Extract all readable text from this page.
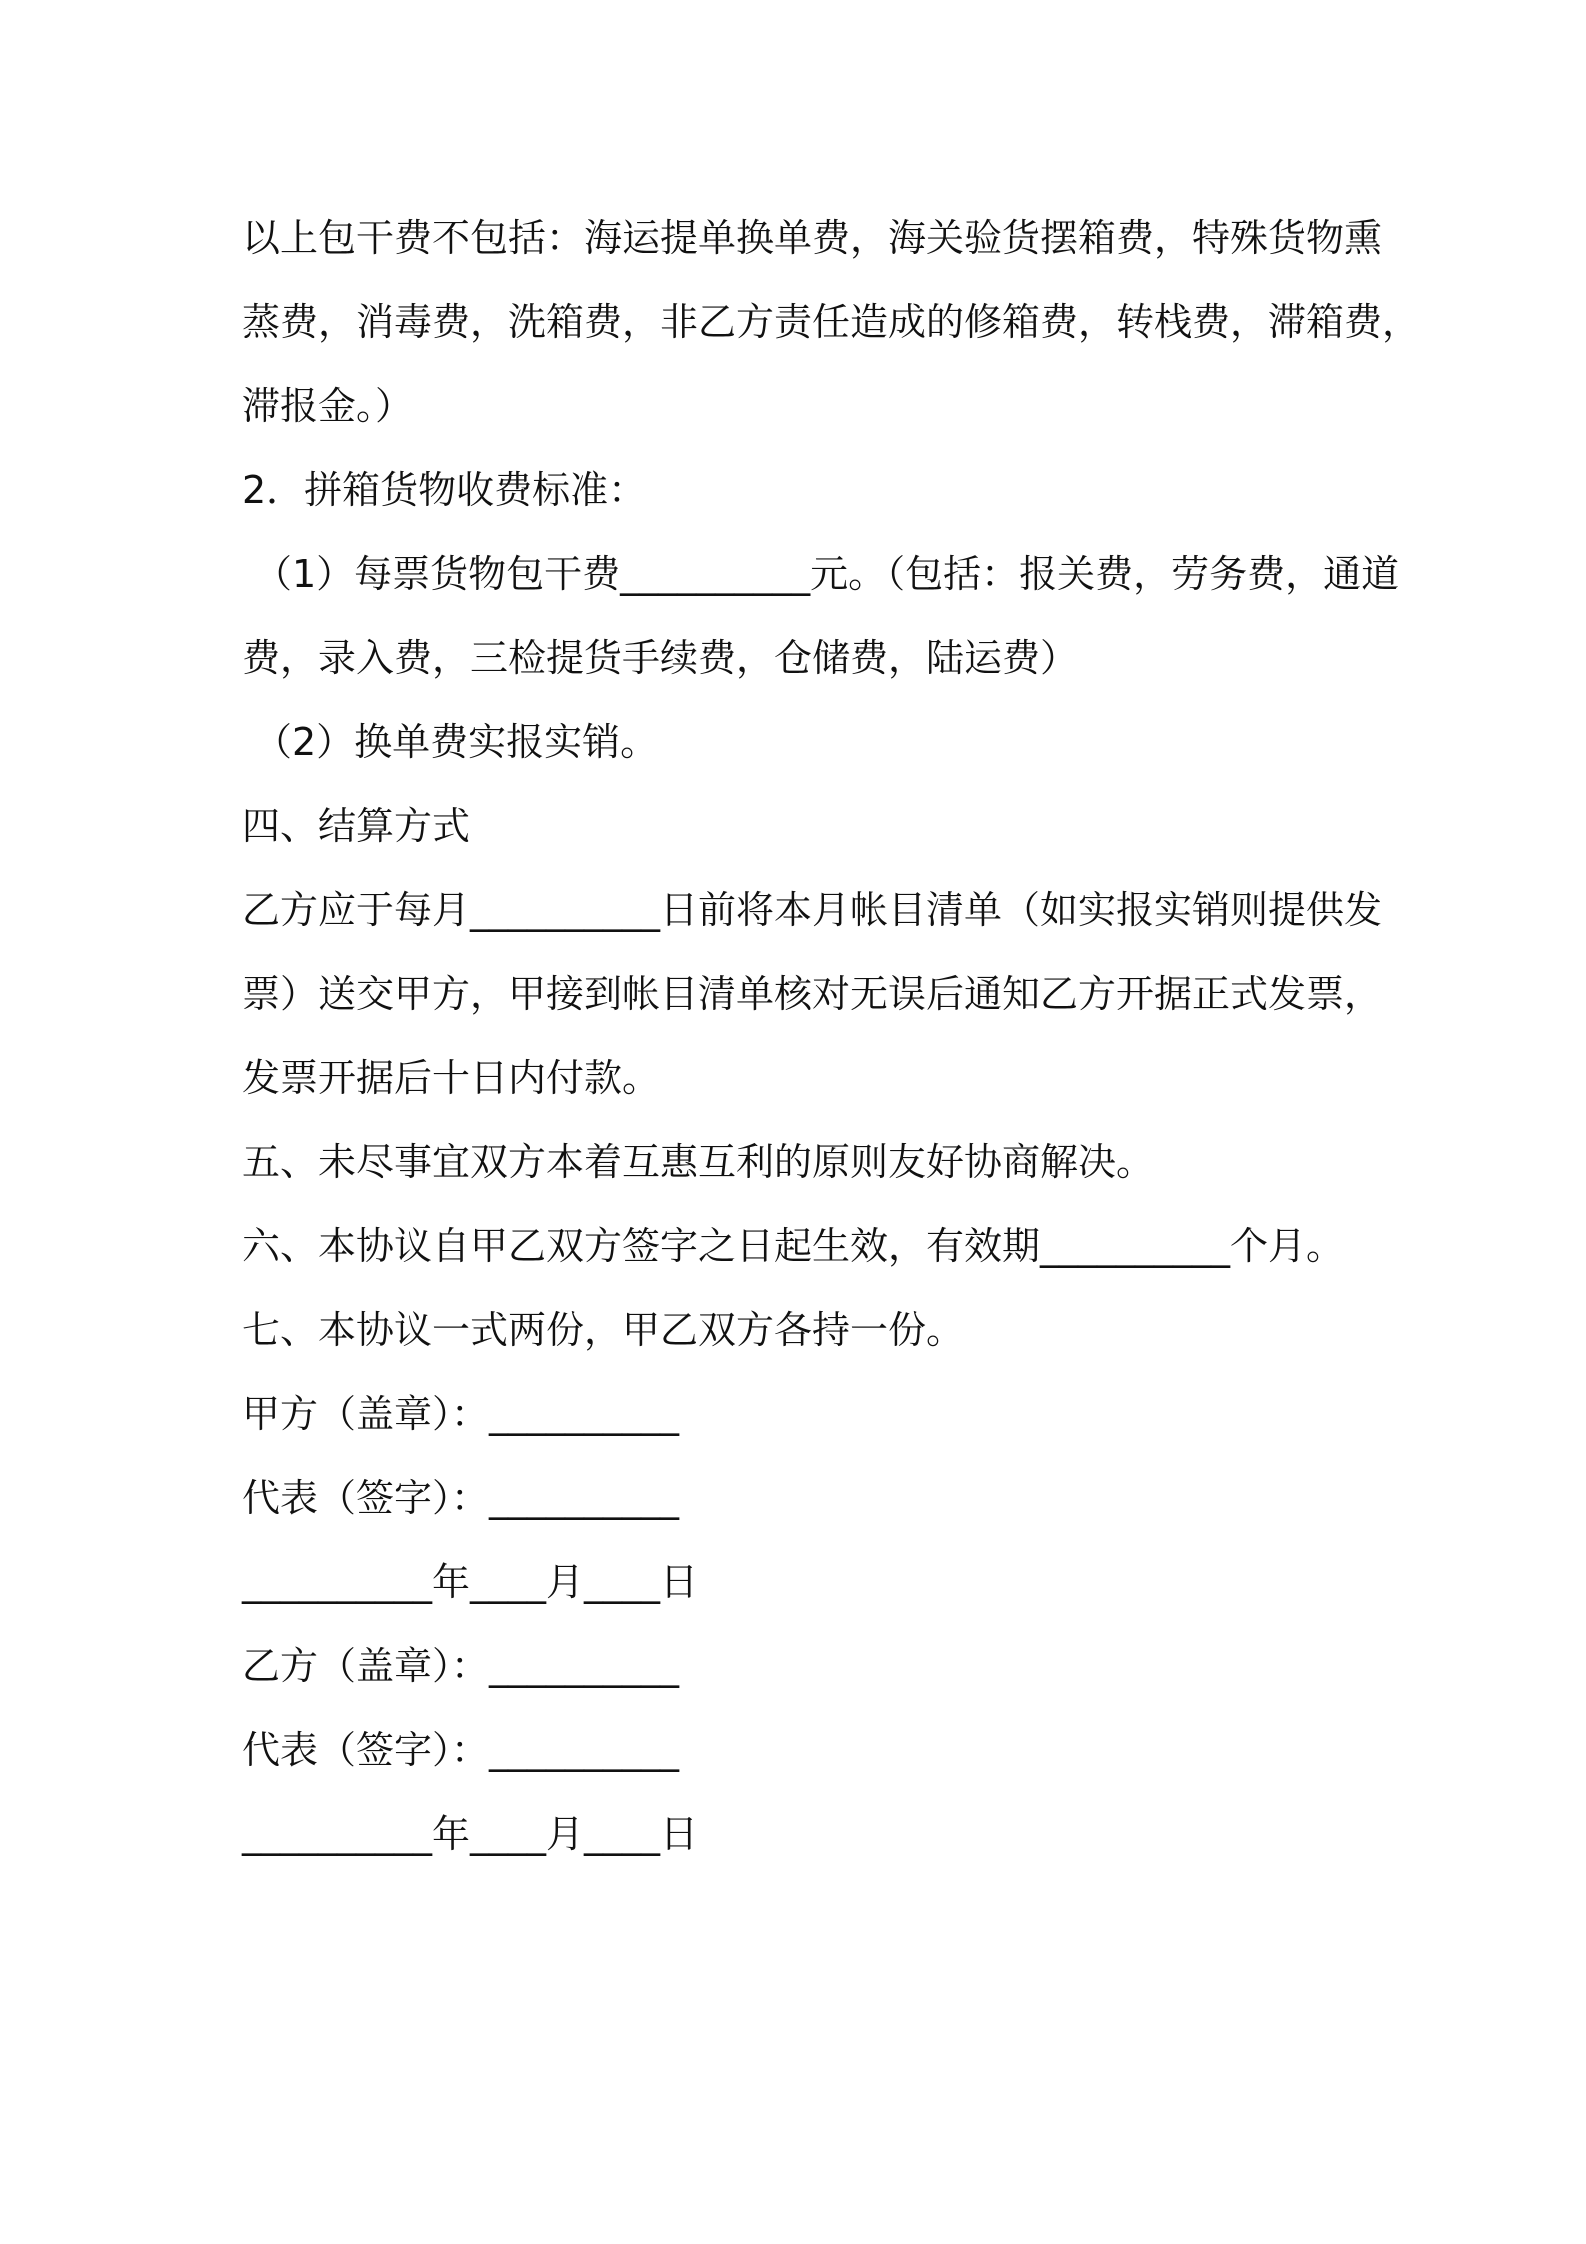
以上包干费不包括：海运提单换单费，海关验货摆箱费，特殊货物熏
蒸费，消毒费，洗箱费，非乙方责任造成的修箱费，转栈费，滞箱费，
滞报金。）
2．拼箱货物收费标准：
（1）每票货物包干费__________元。（包括：报关费，劳务费，通道
费，录入费，三检提货手续费，仓储费，陆运费）
（2）换单费实报实销。
四、结算方式
乙方应于每月__________日前将本月帐目清单（如实报实销则提供发
票）送交甲方，甲接到帐目清单核对无误后通知乙方开据正式发票，
发票开据后十日内付款。
五、未尽事宜双方本着互惠互利的原则友好协商解决。
六、本协议自甲乙双方签字之日起生效，有效期__________个月。
七、本协议一式两份，甲乙双方各持一份。
甲方（盖章）：__________
代表（签字）：__________
__________年____月____日
乙方（盖章）：__________
代表（签字）：__________
__________年____月____日
